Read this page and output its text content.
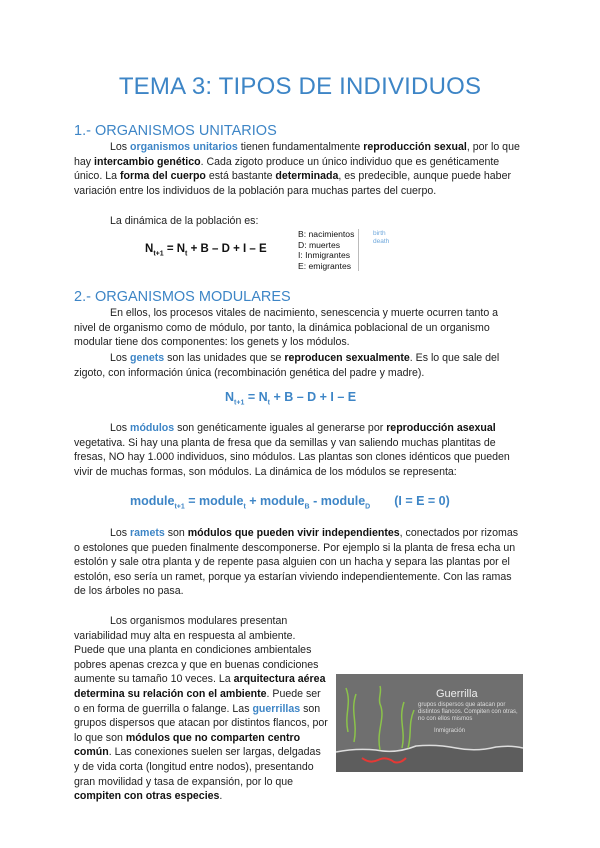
TEMA 3: TIPOS DE INDIVIDUOS
1.- ORGANISMOS UNITARIOS

Los organismos unitarios tienen fundamentalmente reproducción sexual, por lo que hay intercambio genético. Cada zigoto produce un único individuo que es genéticamente único. La forma del cuerpo está bastante determinada, es predecible, aunque puede haber variación entre los individuos de la población para muchas partes del cuerpo.

La dinámica de la población es:

$N_{t+1} = N_t + B - D + I - E$
B: nacimientos
D: muertes
I: Inmigrantes
E: emigrantes
birth
death
2.- ORGANISMOS MODULARES

En ellos, los procesos vitales de nacimiento, senescencia y muerte ocurren tanto a nivel de organismo como de módulo, por tanto, la dinámica poblacional de un organismo modular tiene dos componentes: los genets y los módulos.

Los genets son las unidades que se reproducen sexualmente. Es lo que sale del zigoto, con información única (recombinación genética del padre y madre).

$N_{t+1} = N_t + B - D + I - E$

Los módulos son genéticamente iguales al generarse por reproducción asexual vegetativa. Si hay una planta de fresa que da semillas y van saliendo muchas plantitas de fresas, NO hay 1.000 individuos, sino módulos. Las plantas son clones idénticos que pueden vivir de muchas formas, son módulos. La dinámica de los módulos se representa:

module$_{t+1}$ = module$_t$ + module$_B$ - module$_D$ (I = E = 0)

Los ramets son módulos que pueden vivir independientes, conectados por rizomas o estolones que pueden finalmente descomponerse. Por ejemplo si la planta de fresa echa un estolón y sale otra planta y de repente pasa alguien con un hacha y separa las plantas por el estolón, eso sería un ramet, porque ya estarían viviendo independientemente. Con las ramas de los árboles no pasa.

Los organismos modulares presentan variabilidad muy alta en respuesta al ambiente. Puede que una planta en condiciones ambientales pobres apenas crezca y que en buenas condiciones aumente su tamaño 10 veces. La arquitectura aérea determina su relación con el ambiente. Puede ser o en forma de guerrilla o falange. Las guerrillas son grupos dispersos que atacan por distintos flancos, por lo que son módulos que no comparten centro común. Las conexiones suelen ser largas, delgadas y de vida corta (longitud entre nodos), presentando gran movilidad y tasa de expansión, por lo que compiten con otras especies.

Guerrilla
grupos dispersos que atacan por distintos flancos. Compiten con otras, no con ellos mismos
Inmigración
